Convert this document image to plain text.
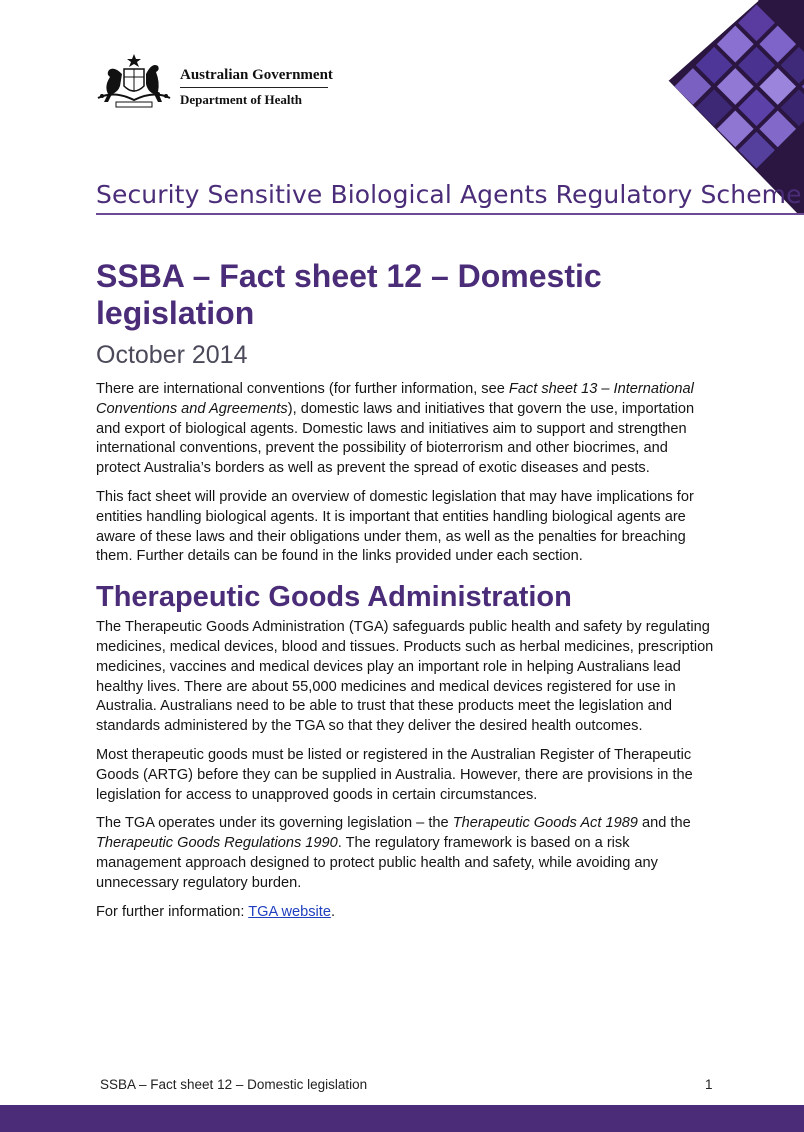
Australian Government
Department of Health
Security Sensitive Biological Agents Regulatory Scheme
SSBA – Fact sheet 12 – Domestic legislation
October 2014

There are international conventions (for further information, see Fact sheet 13 – International Conventions and Agreements), domestic laws and initiatives that govern the use, importation and export of biological agents. Domestic laws and initiatives aim to support and strengthen international conventions, prevent the possibility of bioterrorism and other biocrimes, and protect Australia’s borders as well as prevent the spread of exotic diseases and pests.

This fact sheet will provide an overview of domestic legislation that may have implications for entities handling biological agents. It is important that entities handling biological agents are aware of these laws and their obligations under them, as well as the penalties for breaching them. Further details can be found in the links provided under each section.

Therapeutic Goods Administration

The Therapeutic Goods Administration (TGA) safeguards public health and safety by regulating medicines, medical devices, blood and tissues. Products such as herbal medicines, prescription medicines, vaccines and medical devices play an important role in helping Australians lead healthy lives. There are about 55,000 medicines and medical devices registered for use in Australia. Australians need to be able to trust that these products meet the legislation and standards administered by the TGA so that they deliver the desired health outcomes.

Most therapeutic goods must be listed or registered in the Australian Register of Therapeutic Goods (ARTG) before they can be supplied in Australia. However, there are provisions in the legislation for access to unapproved goods in certain circumstances.

The TGA operates under its governing legislation – the Therapeutic Goods Act 1989 and the Therapeutic Goods Regulations 1990. The regulatory framework is based on a risk management approach designed to protect public health and safety, while avoiding any unnecessary regulatory burden.

For further information: TGA website.

SSBA – Fact sheet 12 – Domestic legislation	1
